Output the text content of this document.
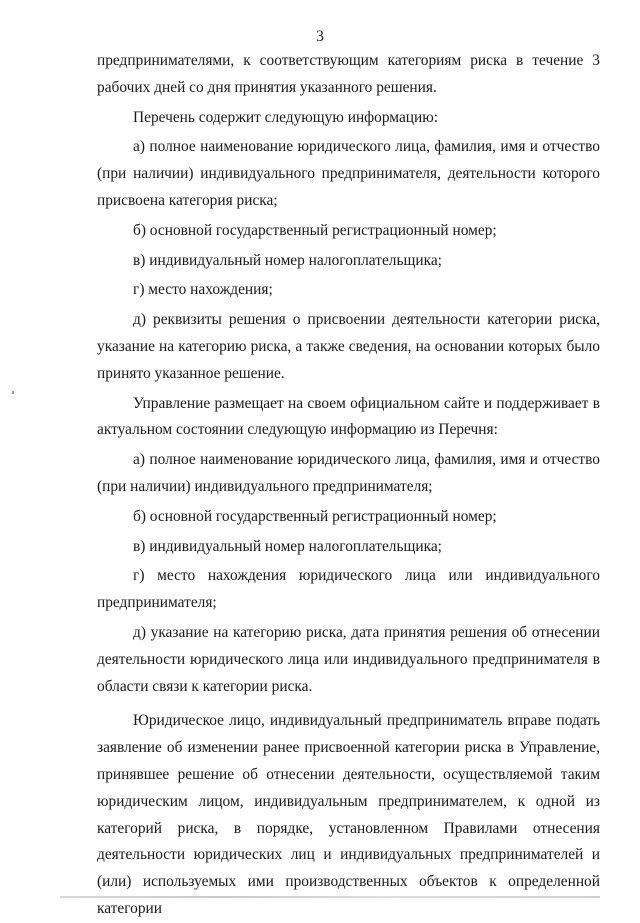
3

предпринимателями, к соответствующим категориям риска в течение 3 рабочих дней со дня принятия указанного решения.

Перечень содержит следующую информацию:

а) полное наименование юридического лица, фамилия, имя и отчество (при наличии) индивидуального предпринимателя, деятельности которого присвоена категория риска;

б) основной государственный регистрационный номер;

в) индивидуальный номер налогоплательщика;

г) место нахождения;

д) реквизиты решения о присвоении деятельности категории риска, указание на категорию риска, а также сведения, на основании которых было принято указанное решение.

Управление размещает на своем официальном сайте и поддерживает в актуальном состоянии следующую информацию из Перечня:

а) полное наименование юридического лица, фамилия, имя и отчество (при наличии) индивидуального предпринимателя;

б) основной государственный регистрационный номер;

в) индивидуальный номер налогоплательщика;

г) место нахождения юридического лица или индивидуального предпринимателя;

д) указание на категорию риска, дата принятия решения об отнесении деятельности юридического лица или индивидуального предпринимателя в области связи к категории риска.

Юридическое лицо, индивидуальный предприниматель вправе подать заявление об изменении ранее присвоенной категории риска в Управление, принявшее решение об отнесении деятельности, осуществляемой таким юридическим лицом, индивидуальным предпринимателем, к одной из категорий риска, в порядке, установленном Правилами отнесения деятельности юридических лиц и индивидуальных предпринимателей и (или) используемых ими производственных объектов к определенной категории
